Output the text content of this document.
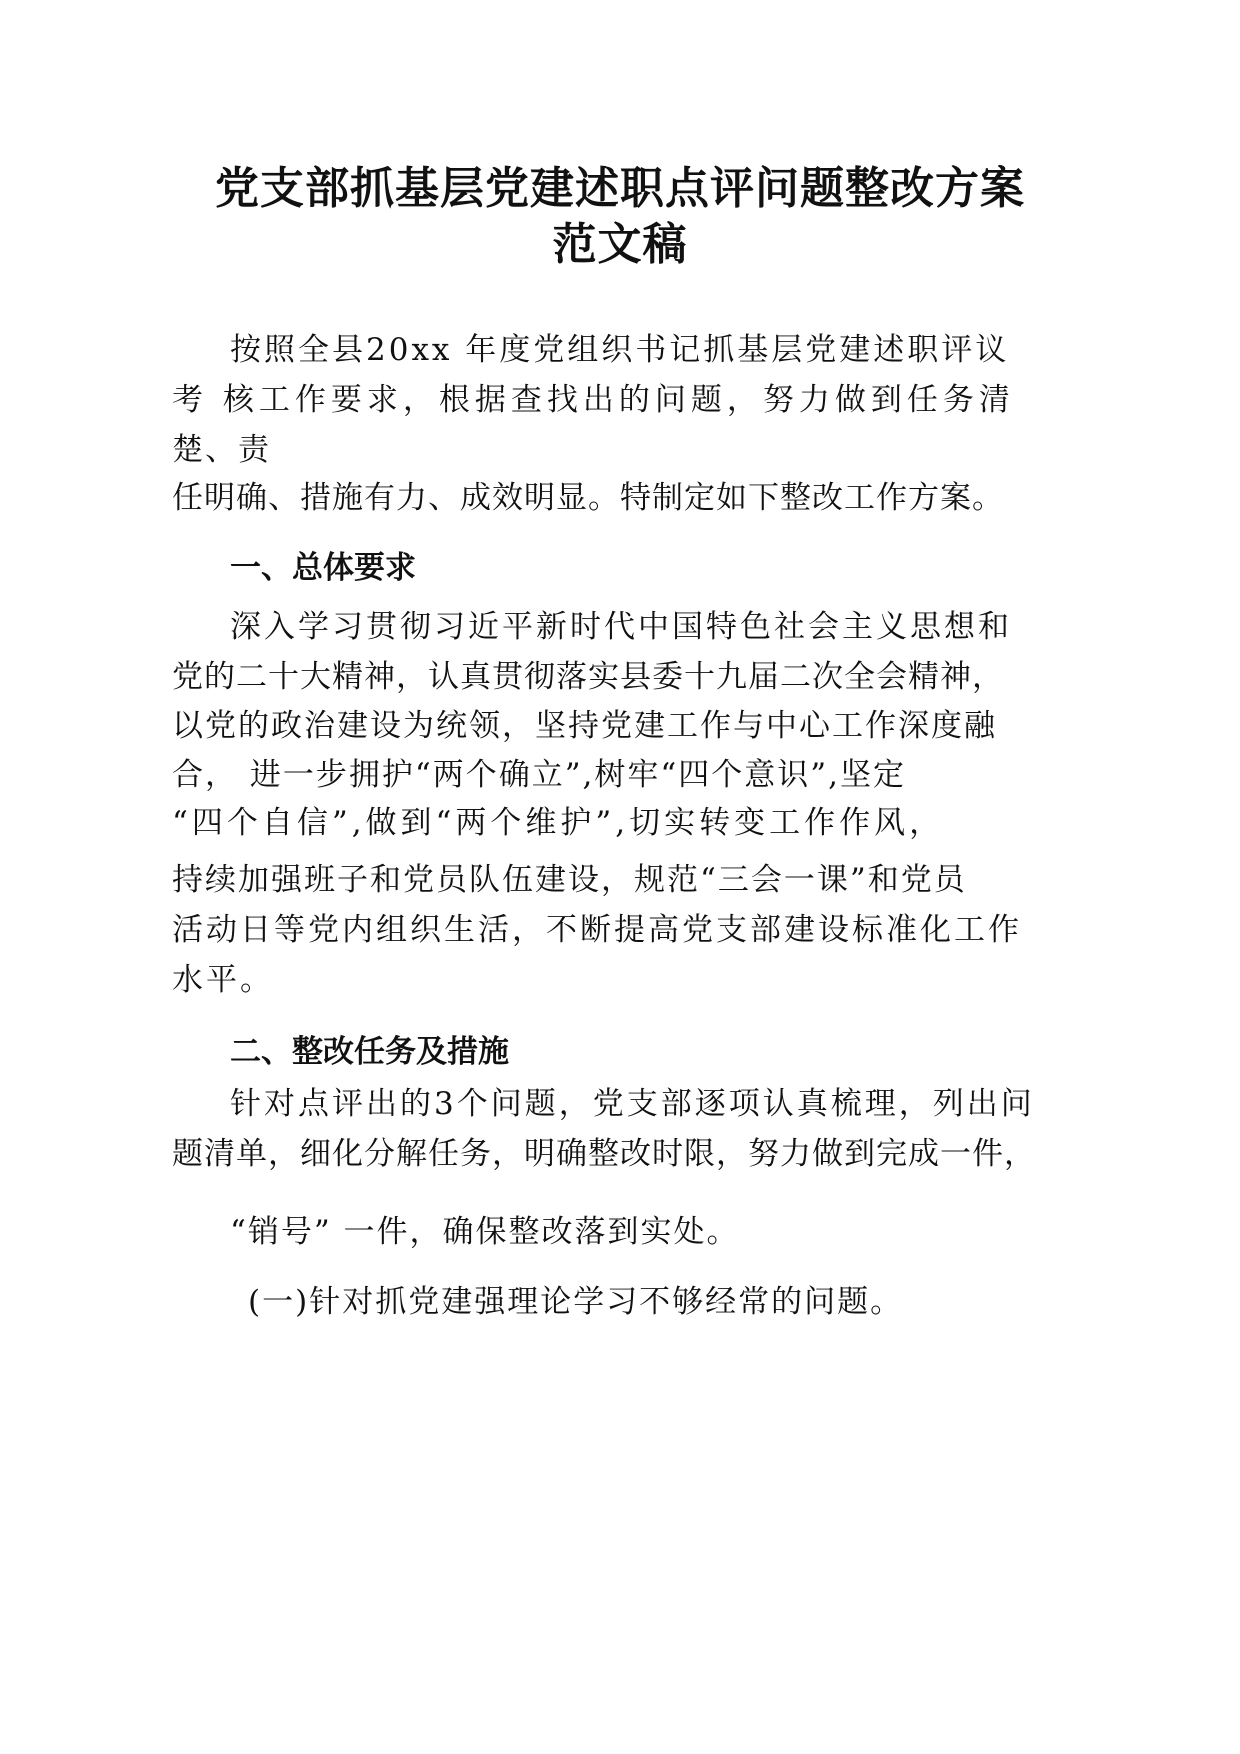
党支部抓基层党建述职点评问题整改方案
范文稿

按照全县20xx 年度党组织书记抓基层党建述职评议

考 核工作要求，根据查找出的问题，努力做到任务清

楚、责

任明确、措施有力、成效明显。特制定如下整改工作方案。

一、总体要求

深入学习贯彻习近平新时代中国特色社会主义思想和

党的二十大精神，认真贯彻落实县委十九届二次全会精神，

以党的政治建设为统领，坚持党建工作与中心工作深度融

合， 进一步拥护“两个确立”,树牢“四个意识”,坚定

“四个自信”,做到“两个维护”,切实转变工作作风，

持续加强班子和党员队伍建设，规范“三会一课”和党员

活动日等党内组织生活，不断提高党支部建设标准化工作

水平。

二、整改任务及措施

针对点评出的3个问题，党支部逐项认真梳理，列出问

题清单，细化分解任务，明确整改时限，努力做到完成一件，

“销号” 一件，确保整改落到实处。

(一)针对抓党建强理论学习不够经常的问题。
